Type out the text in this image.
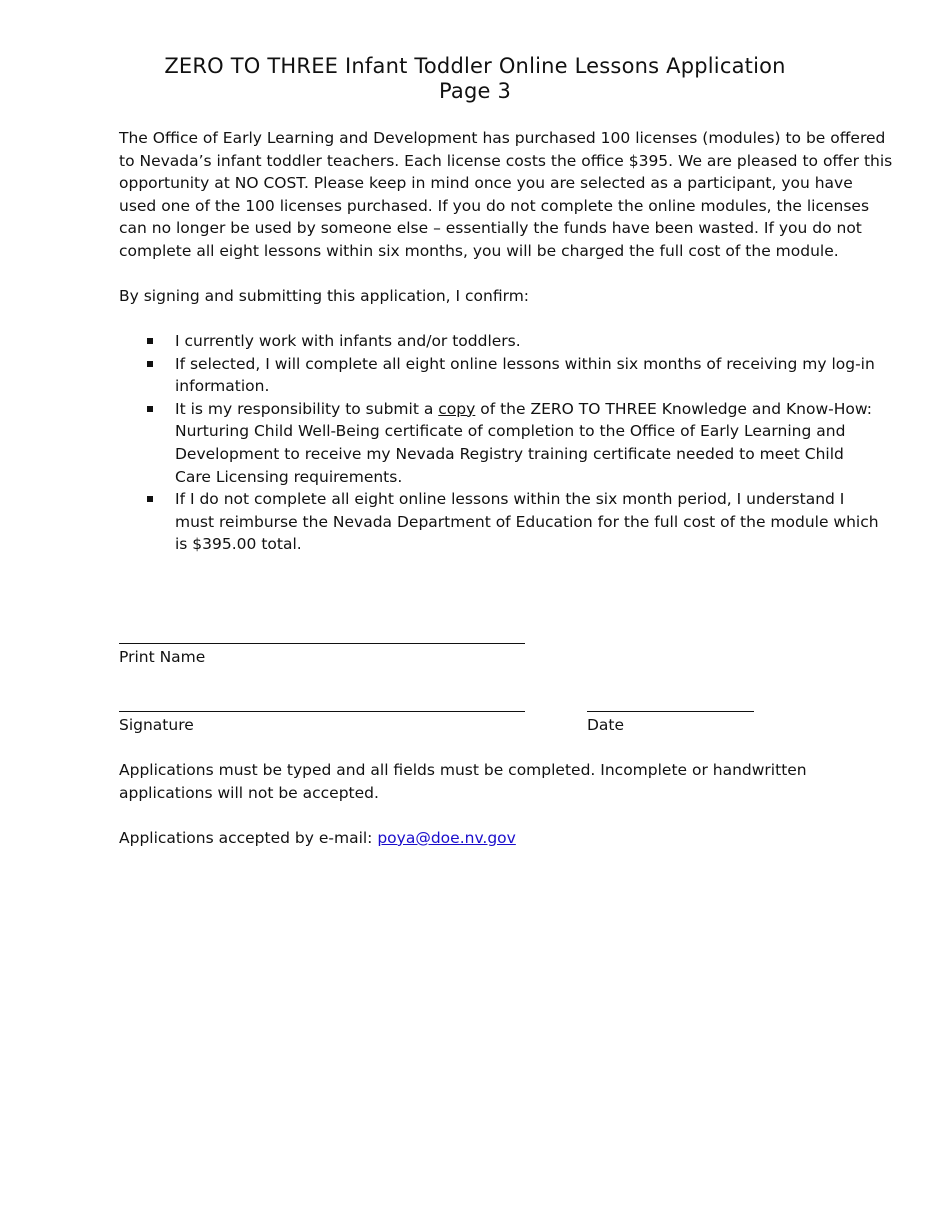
ZERO TO THREE Infant Toddler Online Lessons Application
Page 3
The Office of Early Learning and Development has purchased 100 licenses (modules) to be offered to Nevada’s infant toddler teachers. Each license costs the office $395. We are pleased to offer this opportunity at NO COST. Please keep in mind once you are selected as a participant, you have used one of the 100 licenses purchased. If you do not complete the online modules, the licenses can no longer be used by someone else – essentially the funds have been wasted. If you do not complete all eight lessons within six months, you will be charged the full cost of the module.
By signing and submitting this application, I confirm:
I currently work with infants and/or toddlers.
If selected, I will complete all eight online lessons within six months of receiving my log-in information.
It is my responsibility to submit a copy of the ZERO TO THREE Knowledge and Know-How: Nurturing Child Well-Being certificate of completion to the Office of Early Learning and Development to receive my Nevada Registry training certificate needed to meet Child Care Licensing requirements.
If I do not complete all eight online lessons within the six month period, I understand I must reimburse the Nevada Department of Education for the full cost of the module which is $395.00 total.
Print Name
Signature	Date
Applications must be typed and all fields must be completed. Incomplete or handwritten applications will not be accepted.
Applications accepted by e-mail: poya@doe.nv.gov
